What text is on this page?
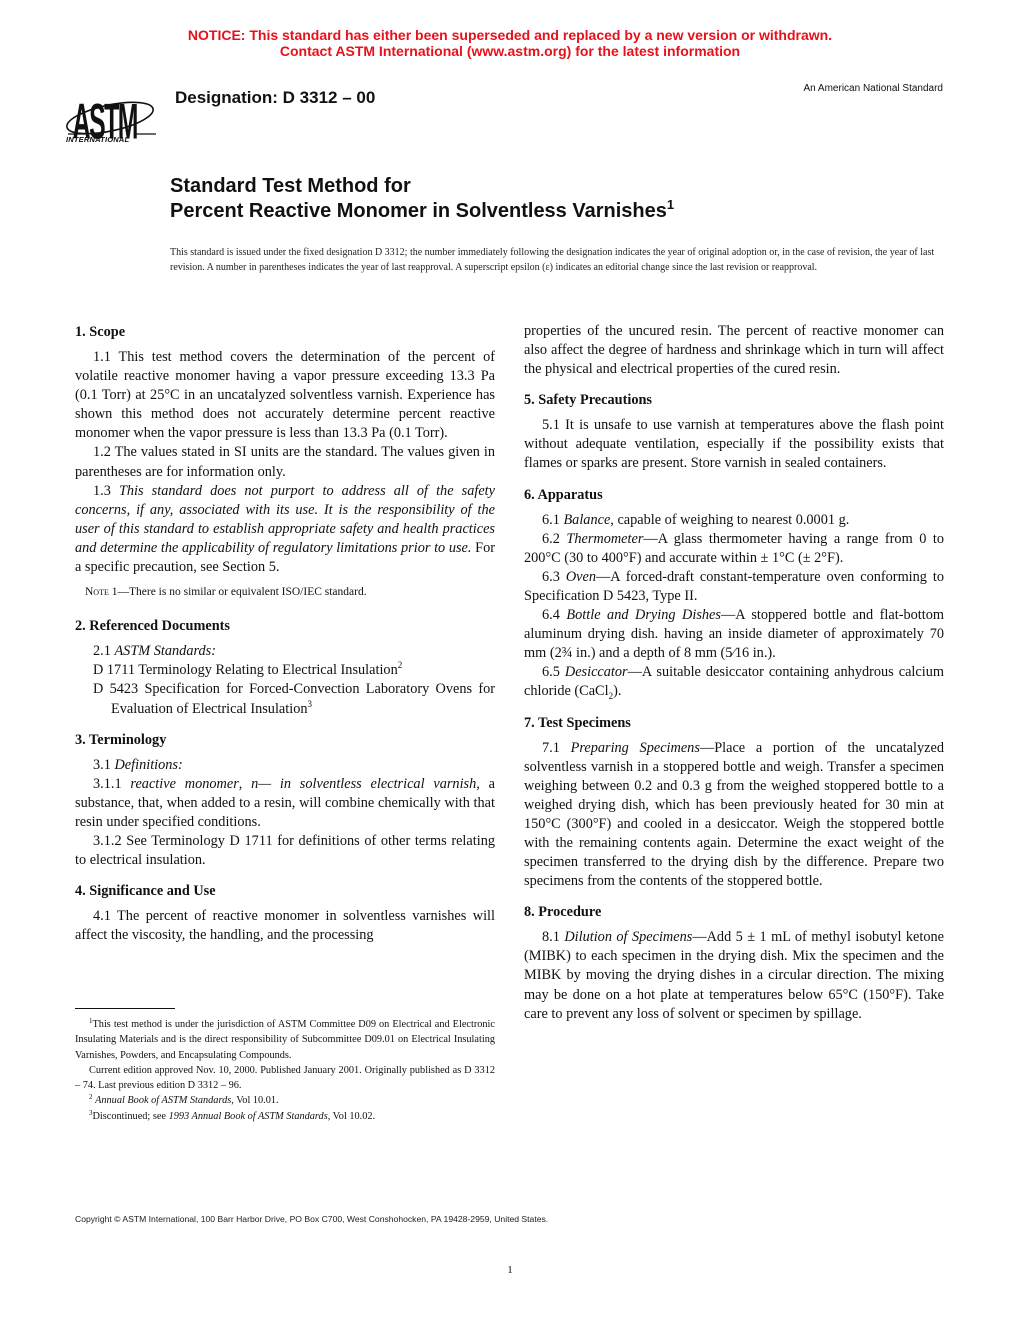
NOTICE: This standard has either been superseded and replaced by a new version or withdrawn.
Contact ASTM International (www.astm.org) for the latest information
ASTM
INTERNATIONAL
Designation: D 3312 – 00	An American National Standard
Standard Test Method for
Percent Reactive Monomer in Solventless Varnishes$^1$
This standard is issued under the fixed designation D 3312; the number immediately following the designation indicates the year of original adoption or, in the case of revision, the year of last revision. A number in parentheses indicates the year of last reapproval. A superscript epsilon (ε) indicates an editorial change since the last revision or reapproval.
1. Scope

1.1 This test method covers the determination of the percent of volatile reactive monomer having a vapor pressure exceeding 13.3 Pa (0.1 Torr) at 25°C in an uncatalyzed solventless varnish. Experience has shown this method does not accurately determine percent reactive monomer when the vapor pressure is less than 13.3 Pa (0.1 Torr).

1.2 The values stated in SI units are the standard. The values given in parentheses are for information only.

1.3 This standard does not purport to address all of the safety concerns, if any, associated with its use. It is the responsibility of the user of this standard to establish appropriate safety and health practices and determine the applicability of regulatory limitations prior to use. For a specific precaution, see Section 5.

Note 1—There is no similar or equivalent ISO/IEC standard.

2. Referenced Documents

2.1 ASTM Standards:

D 1711 Terminology Relating to Electrical Insulation$^2$

D 5423 Specification for Forced-Convection Laboratory Ovens for Evaluation of Electrical Insulation$^3$

3. Terminology

3.1 Definitions:

3.1.1 reactive monomer, n— in solventless electrical varnish, a substance, that, when added to a resin, will combine chemically with that resin under specified conditions.

3.1.2 See Terminology D 1711 for definitions of other terms relating to electrical insulation.

4. Significance and Use

4.1 The percent of reactive monomer in solventless varnishes will affect the viscosity, the handling, and the processing

$^1$This test method is under the jurisdiction of ASTM Committee D09 on Electrical and Electronic Insulating Materials and is the direct responsibility of Subcommittee D09.01 on Electrical Insulating Varnishes, Powders, and Encapsulating Compounds.

Current edition approved Nov. 10, 2000. Published January 2001. Originally published as D 3312 – 74. Last previous edition D 3312 – 96.

$^2$ Annual Book of ASTM Standards, Vol 10.01.

$^3$Discontinued; see 1993 Annual Book of ASTM Standards, Vol 10.02.

properties of the uncured resin. The percent of reactive monomer can also affect the degree of hardness and shrinkage which in turn will affect the physical and electrical properties of the cured resin.

5. Safety Precautions

5.1 It is unsafe to use varnish at temperatures above the flash point without adequate ventilation, especially if the possibility exists that flames or sparks are present. Store varnish in sealed containers.

6. Apparatus

6.1 Balance, capable of weighing to nearest 0.0001 g.

6.2 Thermometer—A glass thermometer having a range from 0 to 200°C (30 to 400°F) and accurate within ± 1°C (± 2°F).

6.3 Oven—A forced-draft constant-temperature oven conforming to Specification D 5423, Type II.

6.4 Bottle and Drying Dishes—A stoppered bottle and flat-bottom aluminum drying dish. having an inside diameter of approximately 70 mm (2¾ in.) and a depth of 8 mm (5⁄16 in.).

6.5 Desiccator—A suitable desiccator containing anhydrous calcium chloride (CaCl$_2$).

7. Test Specimens

7.1 Preparing Specimens—Place a portion of the uncatalyzed solventless varnish in a stoppered bottle and weigh. Transfer a specimen weighing between 0.2 and 0.3 g from the weighed stoppered bottle to a weighed drying dish, which has been previously heated for 30 min at 150°C (300°F) and cooled in a desiccator. Weigh the stoppered bottle with the remaining contents again. Determine the exact weight of the specimen transferred to the drying dish by the difference. Prepare two specimens from the contents of the stoppered bottle.

8. Procedure

8.1 Dilution of Specimens—Add 5 ± 1 mL of methyl isobutyl ketone (MIBK) to each specimen in the drying dish. Mix the specimen and the MIBK by moving the drying dishes in a circular direction. The mixing may be done on a hot plate at temperatures below 65°C (150°F). Take care to prevent any loss of solvent or specimen by spillage.

Copyright © ASTM International, 100 Barr Harbor Drive, PO Box C700, West Conshohocken, PA 19428-2959, United States.
1
